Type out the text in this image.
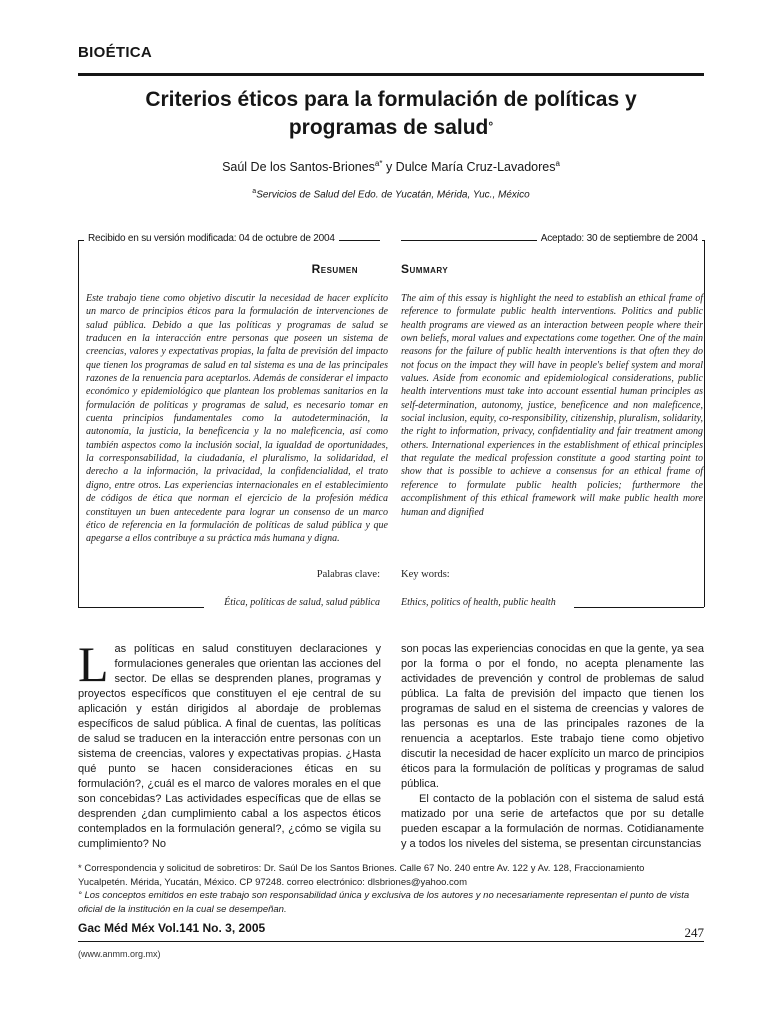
BIOÉTICA
Criterios éticos para la formulación de políticas y
programas de salud°
Saúl De los Santos-Briones$^{a*}$ y Dulce María Cruz-Lavadores$^a$
$^a$Servicios de Salud del Edo. de Yucatán, Mérida, Yuc., México
Recibido en su versión modificada: 04 de octubre de 2004	Aceptado: 30 de septiembre de 2004
Resumen	Summary
Este trabajo tiene como objetivo discutir la necesidad de hacer explícito un marco de principios éticos para la formulación de intervenciones de salud pública. Debido a que las políticas y programas de salud se traducen en la interacción entre personas que poseen un sistema de creencias, valores y expectativas propias, la falta de previsión del impacto que tienen los programas de salud en tal sistema es una de las principales razones de la renuencia para aceptarlos. Además de considerar el impacto económico y epidemiológico que plantean los problemas sanitarios en la formulación de políticas y programas de salud, es necesario tomar en cuenta principios fundamentales como la autodeterminación, la autonomía, la justicia, la beneficencia y la no maleficencia, así como también aspectos como la inclusión social, la igualdad de oportunidades, la corresponsabilidad, la ciudadanía, el pluralismo, la solidaridad, el derecho a la información, la privacidad, la confidencialidad, el trato digno, entre otros. Las experiencias internacionales en el establecimiento de códigos de ética que norman el ejercicio de la profesión médica constituyen un buen antecedente para lograr un consenso de un marco ético de referencia en la formulación de políticas de salud pública y que apegarse a ellos contribuye a su práctica más humana y digna.
The aim of this essay is highlight the need to establish an ethical frame of reference to formulate public health interventions. Politics and public health programs are viewed as an interaction between people where their own beliefs, moral values and expectations come together. One of the main reasons for the failure of public health interventions is that often they do not focus on the impact they will have in people's belief system and moral values. Aside from economic and epidemiological considerations, public health interventions must take into account essential human principles as self-determination, autonomy, justice, beneficence and non maleficence, social inclusion, equity, co-responsibility, citizenship, pluralism, solidarity, the right to information, privacy, confidentiality and fair treatment among others. International experiences in the establishment of ethical principles that regulate the medical profession constitute a good starting point to show that is possible to achieve a consensus for an ethical frame of reference to formulate public health policies; furthermore the accomplishment of this ethical framework will make public health more human and dignified
Palabras clave: Key words:
Ética, políticas de salud, salud pública Ethics, politics of health, public health
Las políticas en salud constituyen declaraciones y formulaciones generales que orientan las acciones del sector. De ellas se desprenden planes, programas y proyectos específicos que constituyen el eje central de su aplicación y están dirigidos al abordaje de problemas específicos de salud pública. A final de cuentas, las políticas de salud se traducen en la interacción entre personas con un sistema de creencias, valores y expectativas propias. ¿Hasta qué punto se hacen consideraciones éticas en su formulación?, ¿cuál es el marco de valores morales en el que son concebidas? Las actividades específicas que de ellas se desprenden ¿dan cumplimiento cabal a los aspectos éticos contemplados en la formulación general?, ¿cómo se vigila su cumplimiento? No
son pocas las experiencias conocidas en que la gente, ya sea por la forma o por el fondo, no acepta plenamente las actividades de prevención y control de problemas de salud pública. La falta de previsión del impacto que tienen los programas de salud en el sistema de creencias y valores de las personas es una de las principales razones de la renuencia a aceptarlos. Este trabajo tiene como objetivo discutir la necesidad de hacer explícito un marco de principios éticos para la formulación de políticas y programas de salud pública.
El contacto de la población con el sistema de salud está matizado por una serie de artefactos que por su detalle pueden escapar a la formulación de normas. Cotidianamente y a todos los niveles del sistema, se presentan circunstancias
* Correspondencia y solicitud de sobretiros: Dr. Saúl De los Santos Briones. Calle 67 No. 240 entre Av. 122 y Av. 128, Fraccionamiento
Yucalpetén. Mérida, Yucatán, México. CP 97248. correo electrónico: dlsbriones@yahoo.com
° Los conceptos emitidos en este trabajo son responsabilidad única y exclusiva de los autores y no necesariamente representan el punto de vista oficial de la institución en la cual se desempeñan.
Gac Méd Méx Vol.141 No. 3, 2005	247
(www.anmm.org.mx)
